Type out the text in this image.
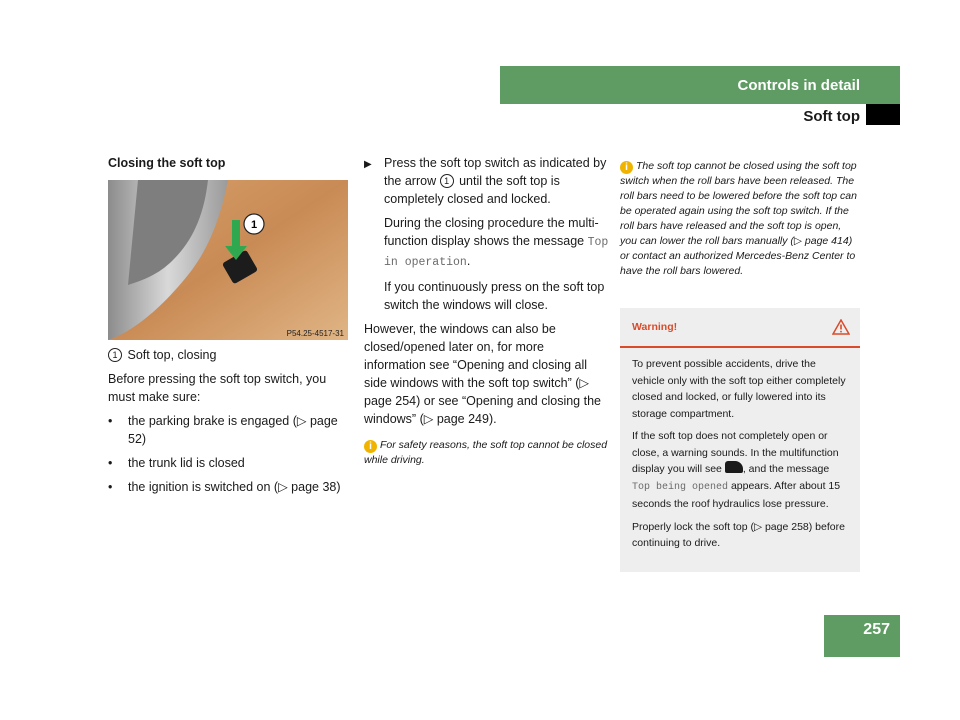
Controls in detail
Soft top
Closing the soft top
1
P54.25-4517-31

1 Soft top, closing

Before pressing the soft top switch, you must make sure:

•	the parking brake is engaged (▷ page 52)
•	the trunk lid is closed
•	the ignition is switched on (▷ page 38)
▶ Press the soft top switch as indicated by the arrow 1 until the soft top is completely closed and locked.

During the closing procedure the multi-function display shows the message Top in operation.

If you continuously press on the soft top switch the windows will close.

However, the windows can also be closed/opened later on, for more information see “Opening and closing all side windows with the soft top switch” (▷ page 254) or see “Opening and closing the windows” (▷ page 249).

i For safety reasons, the soft top cannot be closed while driving.

i The soft top cannot be closed using the soft top switch when the roll bars have been released. The roll bars need to be lowered before the soft top can be operated again using the soft top switch. If the roll bars have released and the soft top is open, you can lower the roll bars manually (▷ page 414) or contact an authorized Mercedes-Benz Center to have the roll bars lowered.

Warning!

To prevent possible accidents, drive the vehicle only with the soft top either completely closed and locked, or fully lowered into its storage compartment.

If the soft top does not completely open or close, a warning sounds. In the multifunction display you will see , and the message Top being opened appears. After about 15 seconds the roof hydraulics lose pressure.

Properly lock the soft top (▷ page 258) before continuing to drive.

257
